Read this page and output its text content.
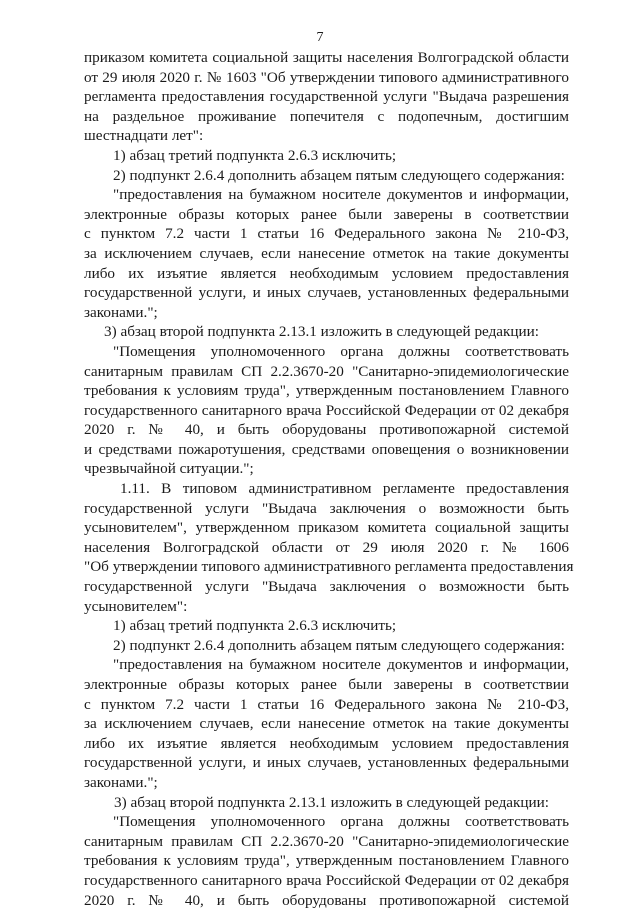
7
приказом комитета социальной защиты населения Волгоградской области
от 29 июля 2020 г. № 1603 "Об утверждении типового административного
регламента предоставления государственной услуги "Выдача разрешения
на раздельное проживание попечителя с подопечным, достигшим
шестнадцати лет":
1) абзац третий подпункта 2.6.3 исключить;
2) подпункт 2.6.4 дополнить абзацем пятым следующего содержания:
"предоставления на бумажном носителе документов и информации,
электронные образы которых ранее были заверены в соответствии
с пунктом 7.2 части 1 статьи 16 Федерального закона № 210-ФЗ,
за исключением случаев, если нанесение отметок на такие документы
либо их изъятие является необходимым условием предоставления
государственной услуги, и иных случаев, установленных федеральными
законами.";
3) абзац второй подпункта 2.13.1 изложить в следующей редакции:
"Помещения уполномоченного органа должны соответствовать
санитарным правилам СП 2.2.3670-20 "Санитарно-эпидемиологические
требования к условиям труда", утвержденным постановлением Главного
государственного санитарного врача Российской Федерации от 02 декабря
2020 г. № 40, и быть оборудованы противопожарной системой
и средствами пожаротушения, средствами оповещения о возникновении
чрезвычайной ситуации.";
1.11. В типовом административном регламенте предоставления
государственной услуги "Выдача заключения о возможности быть
усыновителем", утвержденном приказом комитета социальной защиты
населения Волгоградской области от 29 июля 2020 г. № 1606
"Об утверждении типового административного регламента предоставления
государственной услуги "Выдача заключения о возможности быть
усыновителем":
1) абзац третий подпункта 2.6.3 исключить;
2) подпункт 2.6.4 дополнить абзацем пятым следующего содержания:
"предоставления на бумажном носителе документов и информации,
электронные образы которых ранее были заверены в соответствии
с пунктом 7.2 части 1 статьи 16 Федерального закона № 210-ФЗ,
за исключением случаев, если нанесение отметок на такие документы
либо их изъятие является необходимым условием предоставления
государственной услуги, и иных случаев, установленных федеральными
законами.";
3) абзац второй подпункта 2.13.1 изложить в следующей редакции:
"Помещения уполномоченного органа должны соответствовать
санитарным правилам СП 2.2.3670-20 "Санитарно-эпидемиологические
требования к условиям труда", утвержденным постановлением Главного
государственного санитарного врача Российской Федерации от 02 декабря
2020 г. № 40, и быть оборудованы противопожарной системой
